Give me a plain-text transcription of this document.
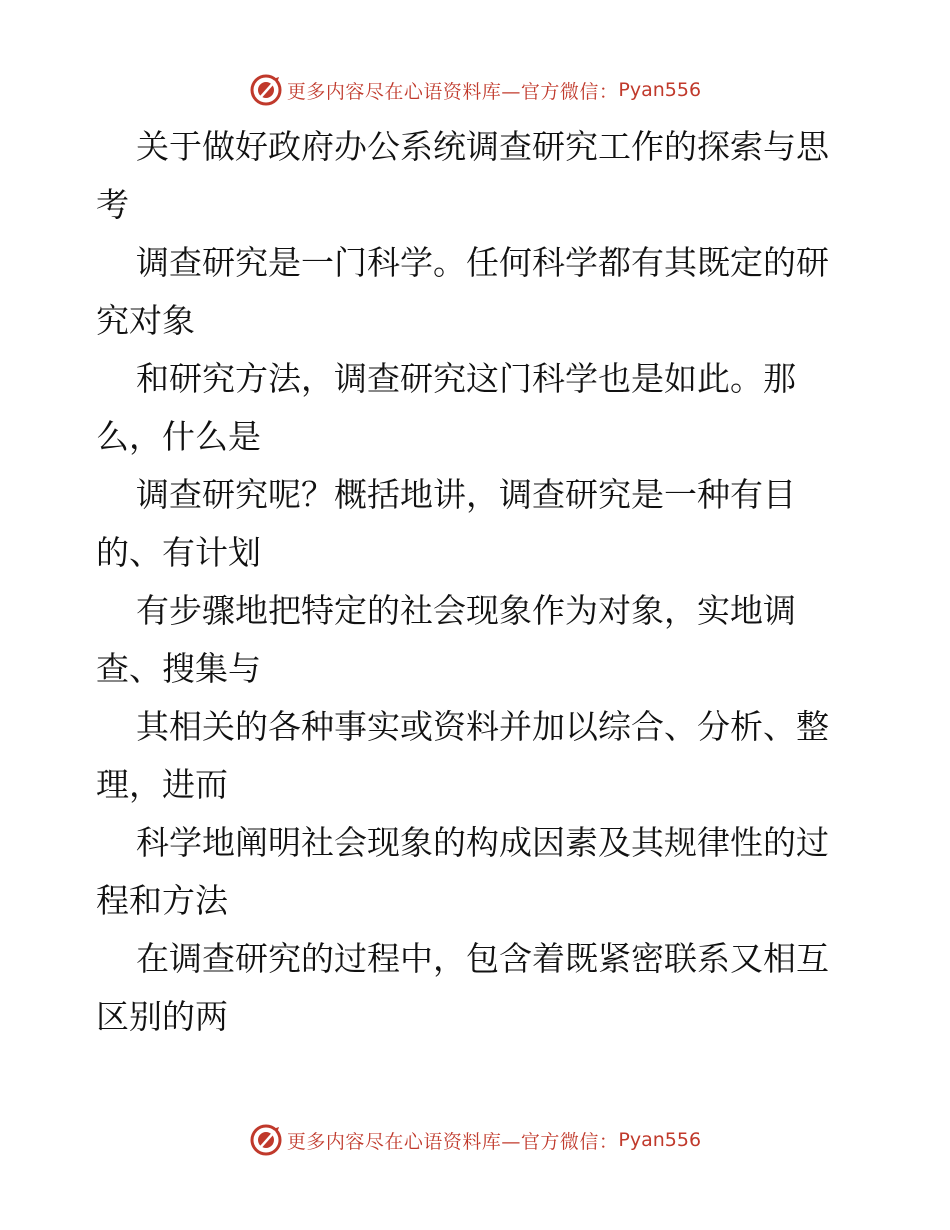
更多内容尽在心语资料库—官方微信： Pyan556

关于做好政府办公系统调查研究工作的探索与思

考

调查研究是一门科学。任何科学都有其既定的研

究对象

和研究方法，调查研究这门科学也是如此。那

么，什么是

调查研究呢？概括地讲，调查研究是一种有目

的、有计划

有步骤地把特定的社会现象作为对象，实地调

查、搜集与

其相关的各种事实或资料并加以综合、分析、整

理，进而

科学地阐明社会现象的构成因素及其规律性的过

程和方法

在调查研究的过程中，包含着既紧密联系又相互

区别的两

更多内容尽在心语资料库—官方微信： Pyan556
